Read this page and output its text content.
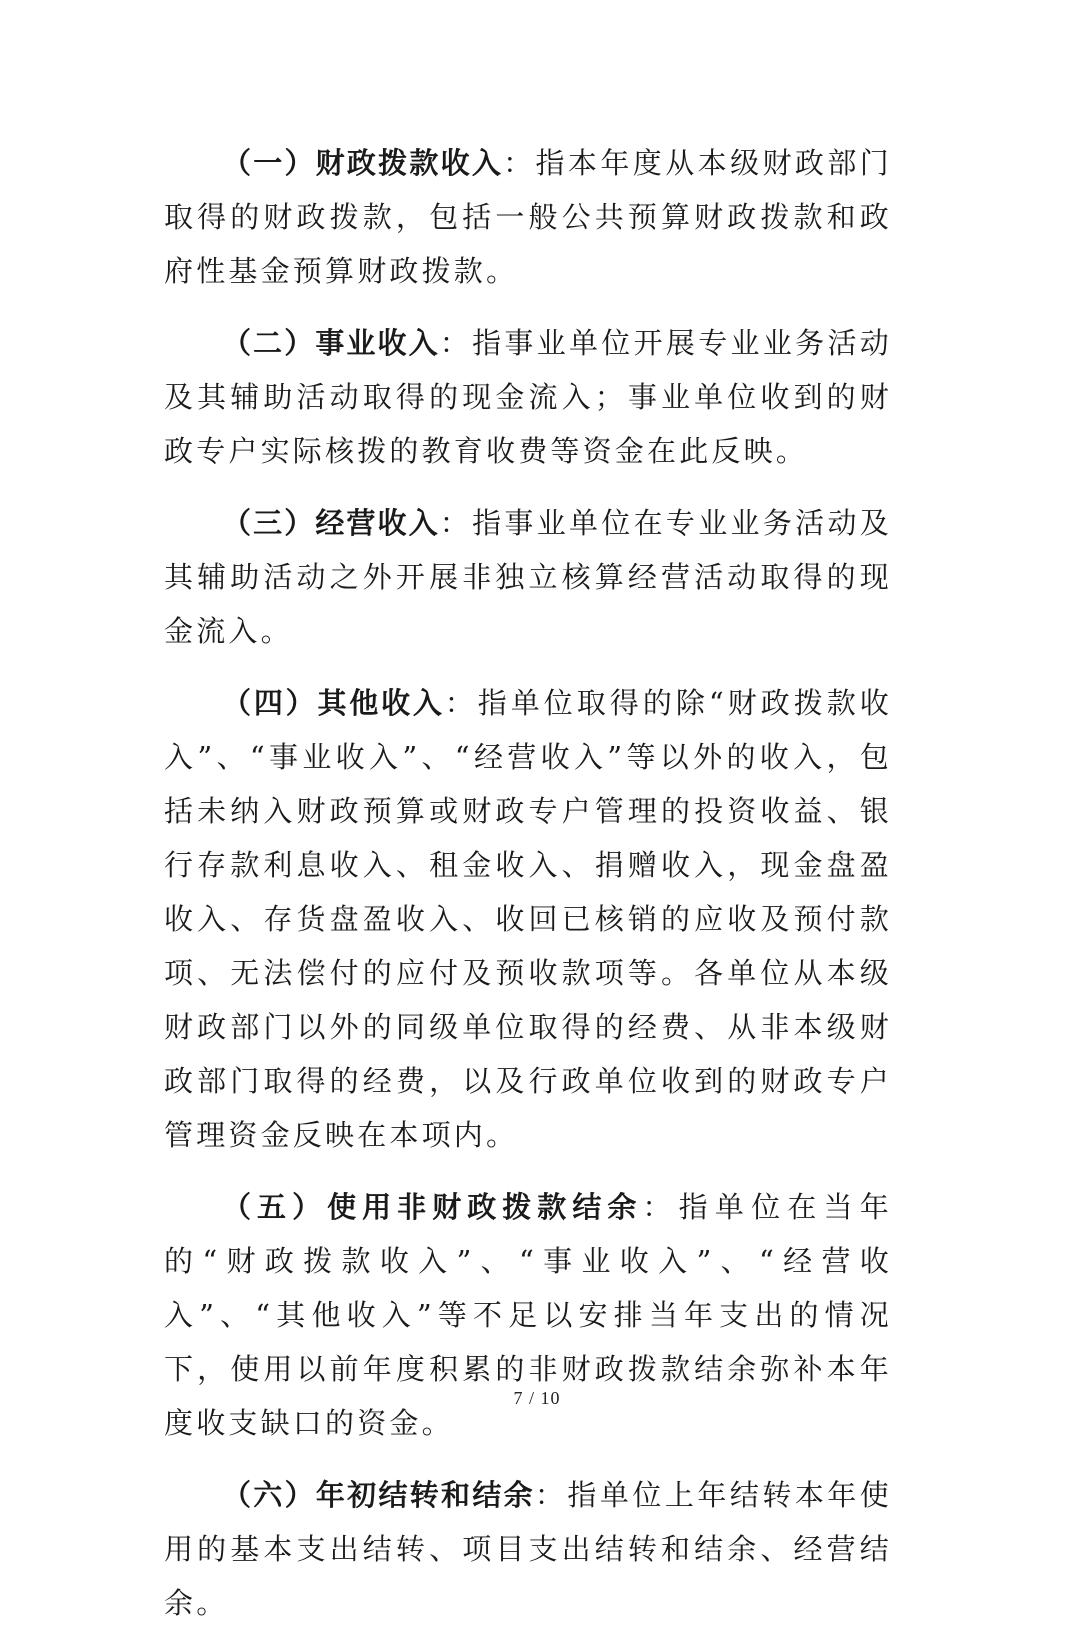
（一）财政拨款收入：指本年度从本级财政部门取得的财政拨款，包括一般公共预算财政拨款和政府性基金预算财政拨款。

（二）事业收入：指事业单位开展专业业务活动及其辅助活动取得的现金流入；事业单位收到的财政专户实际核拨的教育收费等资金在此反映。

（三）经营收入：指事业单位在专业业务活动及其辅助活动之外开展非独立核算经营活动取得的现金流入。

（四）其他收入：指单位取得的除“财政拨款收入”、“事业收入”、“经营收入”等以外的收入，包括未纳入财政预算或财政专户管理的投资收益、银行存款利息收入、租金收入、捐赠收入，现金盘盈收入、存货盘盈收入、收回已核销的应收及预付款项、无法偿付的应付及预收款项等。各单位从本级财政部门以外的同级单位取得的经费、从非本级财政部门取得的经费，以及行政单位收到的财政专户管理资金反映在本项内。

（五）使用非财政拨款结余：指单位在当年的“财政拨款收入”、“事业收入”、“经营收入”、“其他收入”等不足以安排当年支出的情况下，使用以前年度积累的非财政拨款结余弥补本年度收支缺口的资金。

（六）年初结转和结余：指单位上年结转本年使用的基本支出结转、项目支出结转和结余、经营结余。

7 / 10
